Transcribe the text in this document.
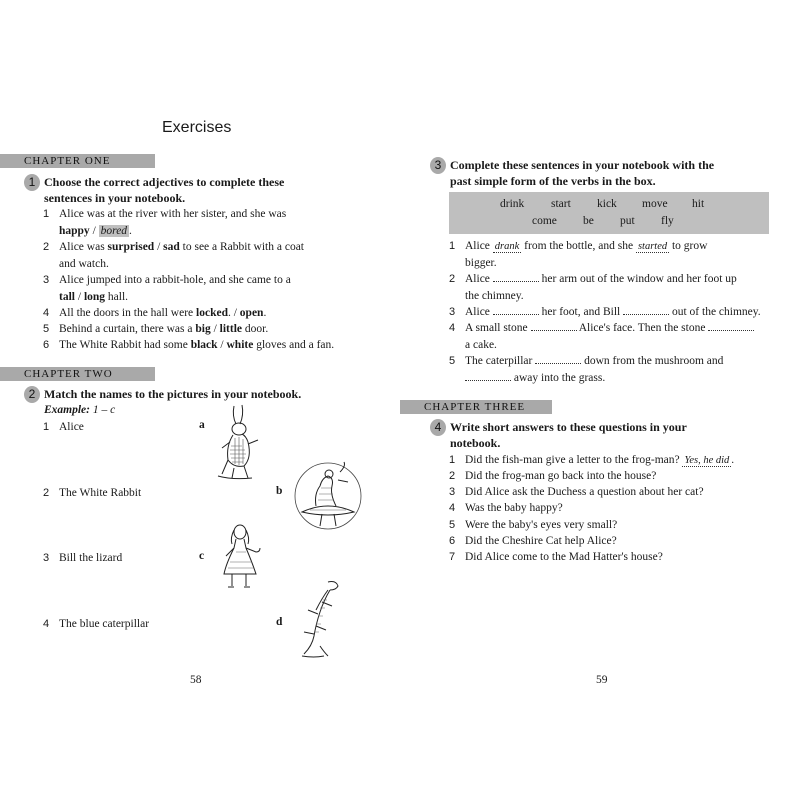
Exercises
CHAPTER ONE
1 Choose the correct adjectives to complete these
sentences in your notebook.
1 Alice was at the river with her sister, and she was
happy / bored .
2 Alice was surprised / sad to see a Rabbit with a coat
and watch.
3 Alice jumped into a rabbit-hole, and she came to a
tall / long hall.
4 All the doors in the hall were locked. / open.
5 Behind a curtain, there was a big / little door.
6 The White Rabbit had some black / white gloves and a fan.
CHAPTER TWO
2 Match the names to the pictures in your notebook.
Example: 1 – c
1 Alice
2 The White Rabbit
3 Bill the lizard
4 The blue caterpillar
a
b
c
d
58
3 Complete these sentences in your notebook with the
past simple form of the verbs in the box.
drink start kick move hit
come be put fly
1 Alice drank from the bottle, and she started to grow
bigger.
2 Alice	her arm out of the window and her foot up
the chimney.
3 Alice	her foot, and Bill	out of the chimney.
4 A small stone	Alice's face. Then the stone
a cake.
5 The caterpillar	down from the mushroom and
away into the grass.
CHAPTER THREE
4 Write short answers to these questions in your
notebook.
1 Did the fish-man give a letter to the frog-man? Yes, he did .
2 Did the frog-man go back into the house?
3 Did Alice ask the Duchess a question about her cat?
4 Was the baby happy?
5 Were the baby's eyes very small?
6 Did the Cheshire Cat help Alice?
7 Did Alice come to the Mad Hatter's house?
59
